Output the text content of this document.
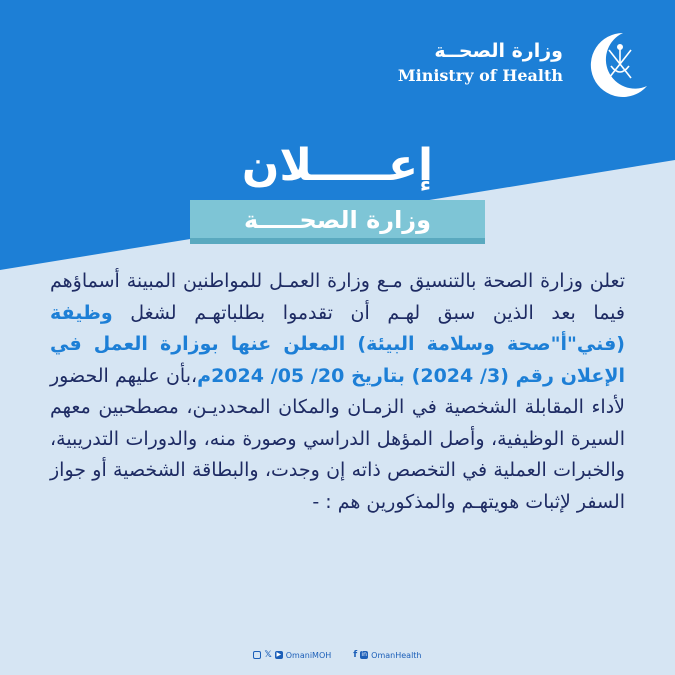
وزارة الصحــة
Ministry of Health
إعـــــلان
وزارة الصحـــــة
تعلن وزارة الصحة بالتنسيق مـع وزارة العمـل للمواطنين المبينة أسماؤهم فيما بعد الذين سبق لهـم أن تقدموا بطلباتهـم لشغل وظيفة (فني"أ"صحة وسلامة البيئة) المعلن عنها بوزارة العمل في الإعلان رقم (3/ 2024) بتاريخ 20/ 05/ 2024م،بأن عليهم الحضور لأداء المقابلة الشخصية في الزمـان والمكان المحدديـن، مصطحبين معهم السيرة الوظيفية، وأصل المؤهل الدراسي وصورة منه، والدورات التدريبية، والخبرات العملية في التخصص ذاته إن وجدت، والبطاقة الشخصية أو جواز السفر لإثبات هويتهـم والمذكورين هم : -
𝕏 ▶ OmaniMOH f in OmanHealth
